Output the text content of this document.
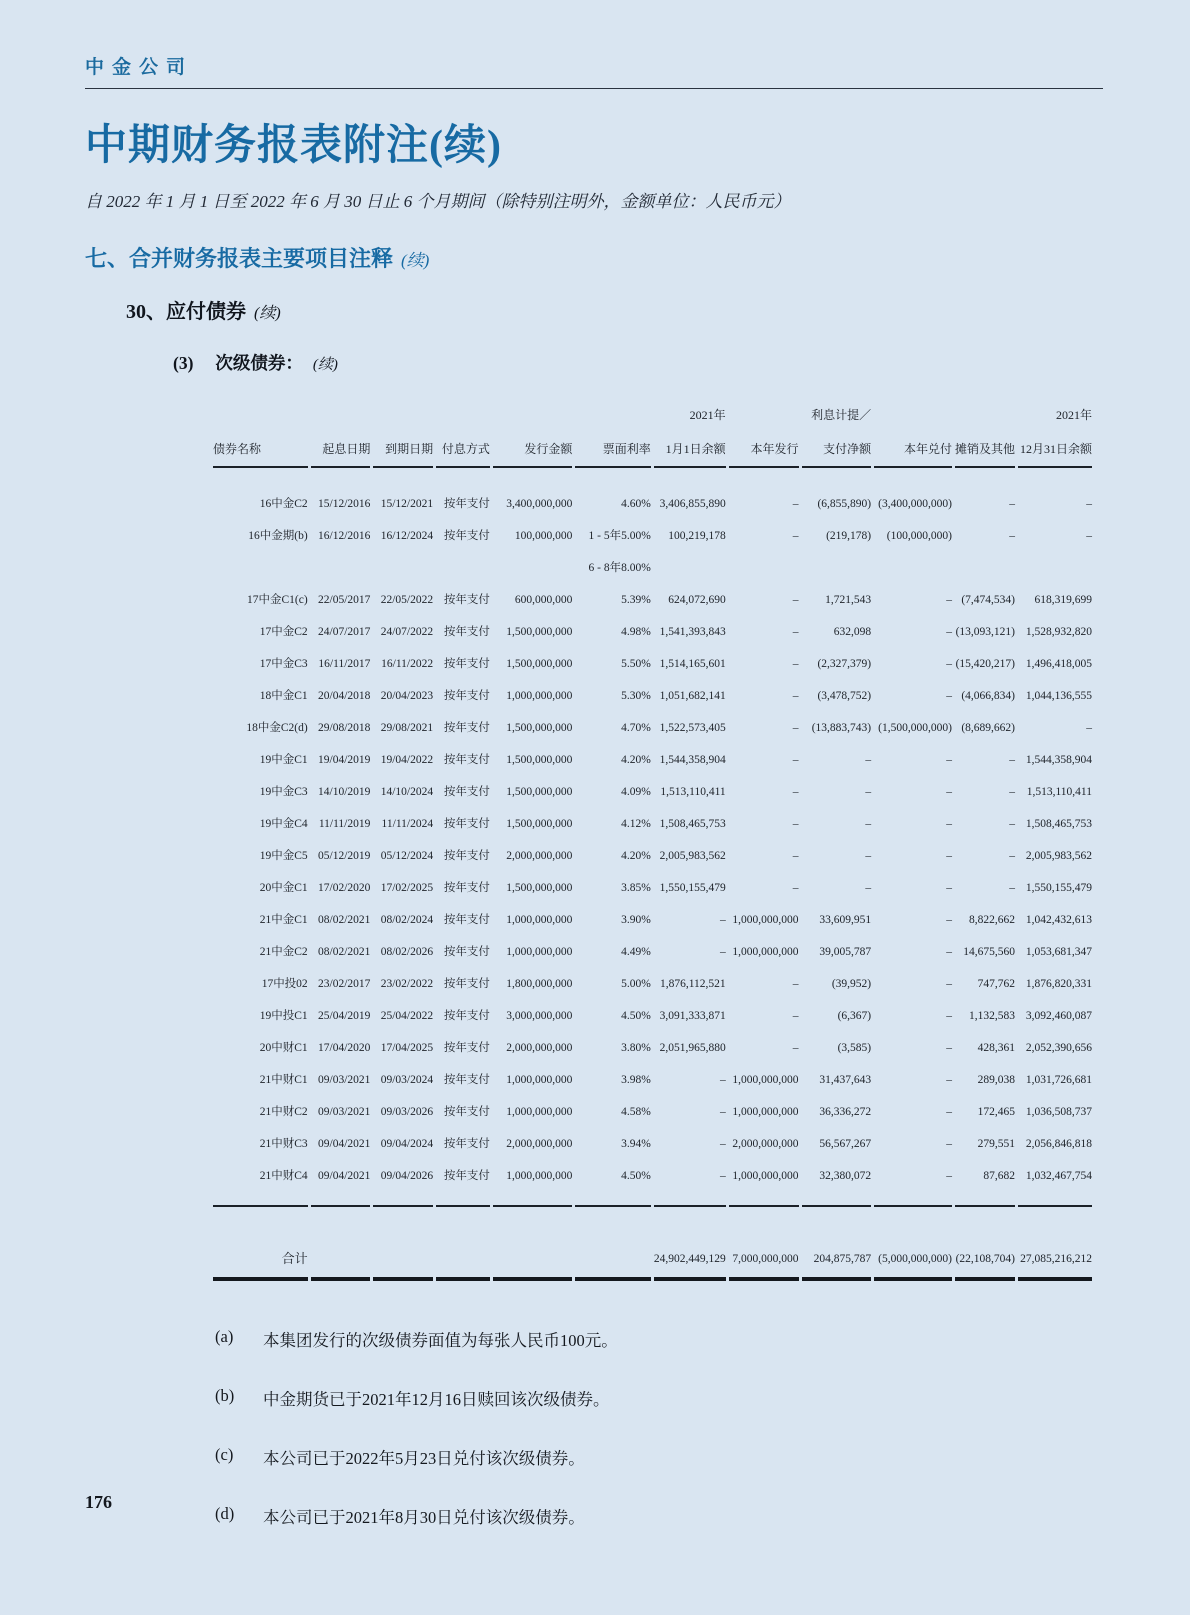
中金公司
中期财务报表附注(续)

自 2022 年 1 月 1 日至 2022 年 6 月 30 日止 6 个月期间（除特别注明外，金额单位：人民币元）

七、合并财务报表主要项目注释 (续)
30、应付债券 (续)
(3) 次级债券： (续)
						2021年		利息计提／			2021年
债券名称	起息日期	到期日期	付息方式	发行金额	票面利率	1月1日余额	本年发行	支付净额	本年兑付	摊销及其他	12月31日余额

16中金C2	15/12/2016	15/12/2021	按年支付	3,400,000,000	4.60%	3,406,855,890	–	(6,855,890)	(3,400,000,000)	–	–

16中金期(b)	16/12/2016	16/12/2024	按年支付	100,000,000	1 - 5年5.00%
6 - 8年8.00%	100,219,178	–	(219,178)	(100,000,000)	–	–

17中金C1(c)	22/05/2017	22/05/2022	按年支付	600,000,000	5.39%	624,072,690	–	1,721,543	–	(7,474,534)	618,319,699

17中金C2	24/07/2017	24/07/2022	按年支付	1,500,000,000	4.98%	1,541,393,843	–	632,098	–	(13,093,121)	1,528,932,820

17中金C3	16/11/2017	16/11/2022	按年支付	1,500,000,000	5.50%	1,514,165,601	–	(2,327,379)	–	(15,420,217)	1,496,418,005

18中金C1	20/04/2018	20/04/2023	按年支付	1,000,000,000	5.30%	1,051,682,141	–	(3,478,752)	–	(4,066,834)	1,044,136,555

18中金C2(d)	29/08/2018	29/08/2021	按年支付	1,500,000,000	4.70%	1,522,573,405	–	(13,883,743)	(1,500,000,000)	(8,689,662)	–

19中金C1	19/04/2019	19/04/2022	按年支付	1,500,000,000	4.20%	1,544,358,904	–	–	–	–	1,544,358,904

19中金C3	14/10/2019	14/10/2024	按年支付	1,500,000,000	4.09%	1,513,110,411	–	–	–	–	1,513,110,411

19中金C4	11/11/2019	11/11/2024	按年支付	1,500,000,000	4.12%	1,508,465,753	–	–	–	–	1,508,465,753

19中金C5	05/12/2019	05/12/2024	按年支付	2,000,000,000	4.20%	2,005,983,562	–	–	–	–	2,005,983,562

20中金C1	17/02/2020	17/02/2025	按年支付	1,500,000,000	3.85%	1,550,155,479	–	–	–	–	1,550,155,479

21中金C1	08/02/2021	08/02/2024	按年支付	1,000,000,000	3.90%	–	1,000,000,000	33,609,951	–	8,822,662	1,042,432,613

21中金C2	08/02/2021	08/02/2026	按年支付	1,000,000,000	4.49%	–	1,000,000,000	39,005,787	–	14,675,560	1,053,681,347

17中投02	23/02/2017	23/02/2022	按年支付	1,800,000,000	5.00%	1,876,112,521	–	(39,952)	–	747,762	1,876,820,331

19中投C1	25/04/2019	25/04/2022	按年支付	3,000,000,000	4.50%	3,091,333,871	–	(6,367)	–	1,132,583	3,092,460,087

20中财C1	17/04/2020	17/04/2025	按年支付	2,000,000,000	3.80%	2,051,965,880	–	(3,585)	–	428,361	2,052,390,656

21中财C1	09/03/2021	09/03/2024	按年支付	1,000,000,000	3.98%	–	1,000,000,000	31,437,643	–	289,038	1,031,726,681

21中财C2	09/03/2021	09/03/2026	按年支付	1,000,000,000	4.58%	–	1,000,000,000	36,336,272	–	172,465	1,036,508,737

21中财C3	09/04/2021	09/04/2024	按年支付	2,000,000,000	3.94%	–	2,000,000,000	56,567,267	–	279,551	2,056,846,818

21中财C4	09/04/2021	09/04/2026	按年支付	1,000,000,000	4.50%	–	1,000,000,000	32,380,072	–	87,682	1,032,467,754

合计						24,902,449,129	7,000,000,000	204,875,787	(5,000,000,000)	(22,108,704)	27,085,216,212
(a)	本集团发行的次级债券面值为每张人民币100元。
(b)	中金期货已于2021年12月16日赎回该次级债券。
(c)	本公司已于2022年5月23日兑付该次级债券。
(d)	本公司已于2021年8月30日兑付该次级债券。
176
